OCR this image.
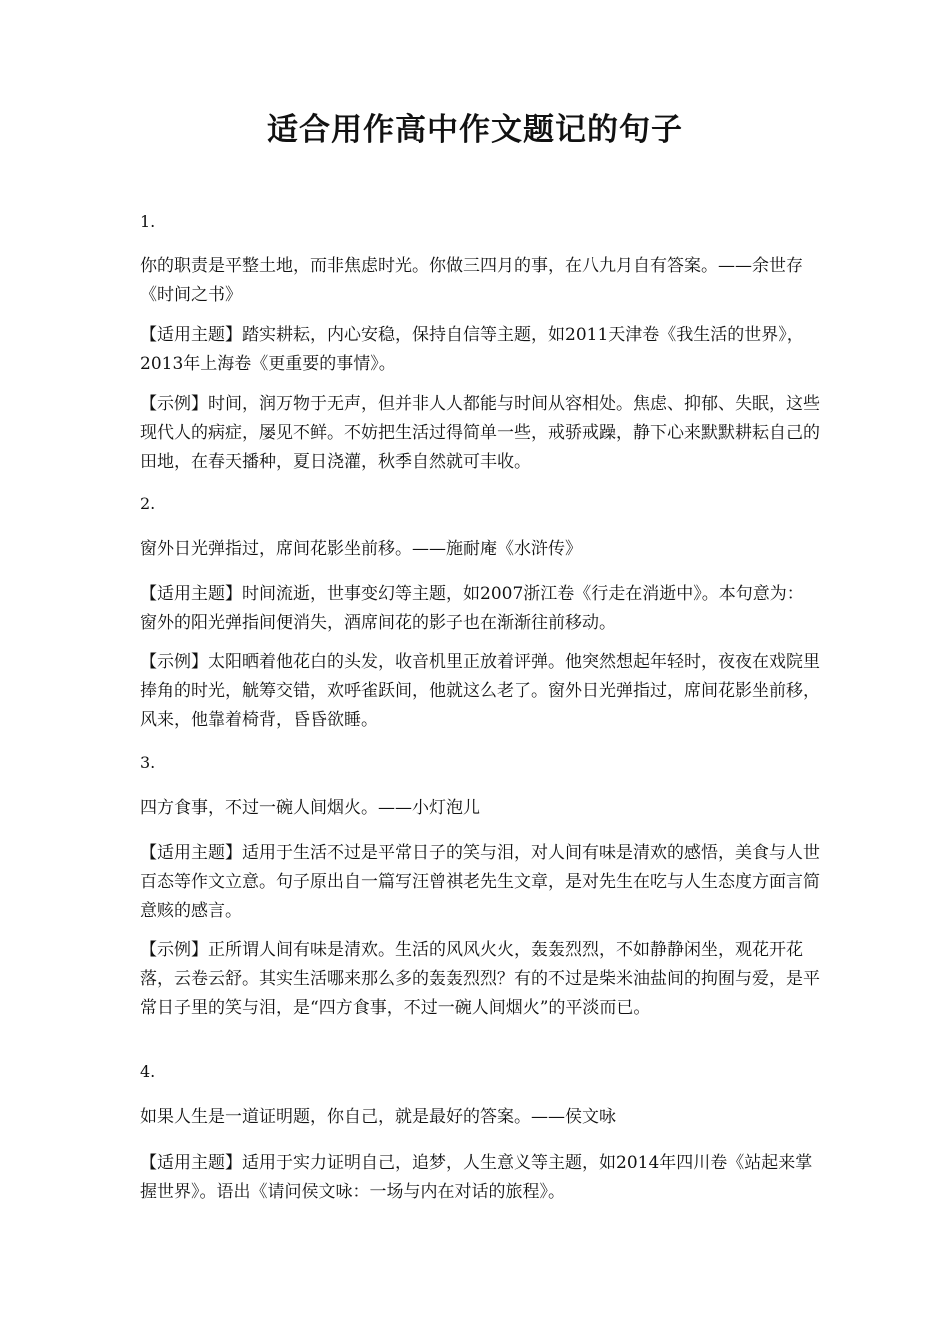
适合用作高中作文题记的句子
1.
你的职责是平整土地，而非焦虑时光。你做三四月的事，在八九月自有答案。——余世存《时间之书》
【适用主题】踏实耕耘，内心安稳，保持自信等主题，如2011天津卷《我生活的世界》，2013年上海卷《更重要的事情》。
【示例】时间，润万物于无声，但并非人人都能与时间从容相处。焦虑、抑郁、失眠，这些现代人的病症，屡见不鲜。不妨把生活过得简单一些，戒骄戒躁，静下心来默默耕耘自己的田地，在春天播种，夏日浇灌，秋季自然就可丰收。
2.
窗外日光弹指过，席间花影坐前移。——施耐庵《水浒传》
【适用主题】时间流逝，世事变幻等主题，如2007浙江卷《行走在消逝中》。本句意为：窗外的阳光弹指间便消失，酒席间花的影子也在渐渐往前移动。
【示例】太阳晒着他花白的头发，收音机里正放着评弹。他突然想起年轻时，夜夜在戏院里捧角的时光，觥筹交错，欢呼雀跃间，他就这么老了。窗外日光弹指过，席间花影坐前移，风来，他靠着椅背，昏昏欲睡。
3.
四方食事，不过一碗人间烟火。——小灯泡儿
【适用主题】适用于生活不过是平常日子的笑与泪，对人间有味是清欢的感悟，美食与人世百态等作文立意。句子原出自一篇写汪曾祺老先生文章，是对先生在吃与人生态度方面言简意赅的感言。
【示例】正所谓人间有味是清欢。生活的风风火火，轰轰烈烈，不如静静闲坐，观花开花落，云卷云舒。其实生活哪来那么多的轰轰烈烈？有的不过是柴米油盐间的拘囿与爱，是平常日子里的笑与泪，是“四方食事，不过一碗人间烟火”的平淡而已。
4.
如果人生是一道证明题，你自己，就是最好的答案。——侯文咏
【适用主题】适用于实力证明自己，追梦，人生意义等主题，如2014年四川卷《站起来掌握世界》。语出《请问侯文咏：一场与内在对话的旅程》。
